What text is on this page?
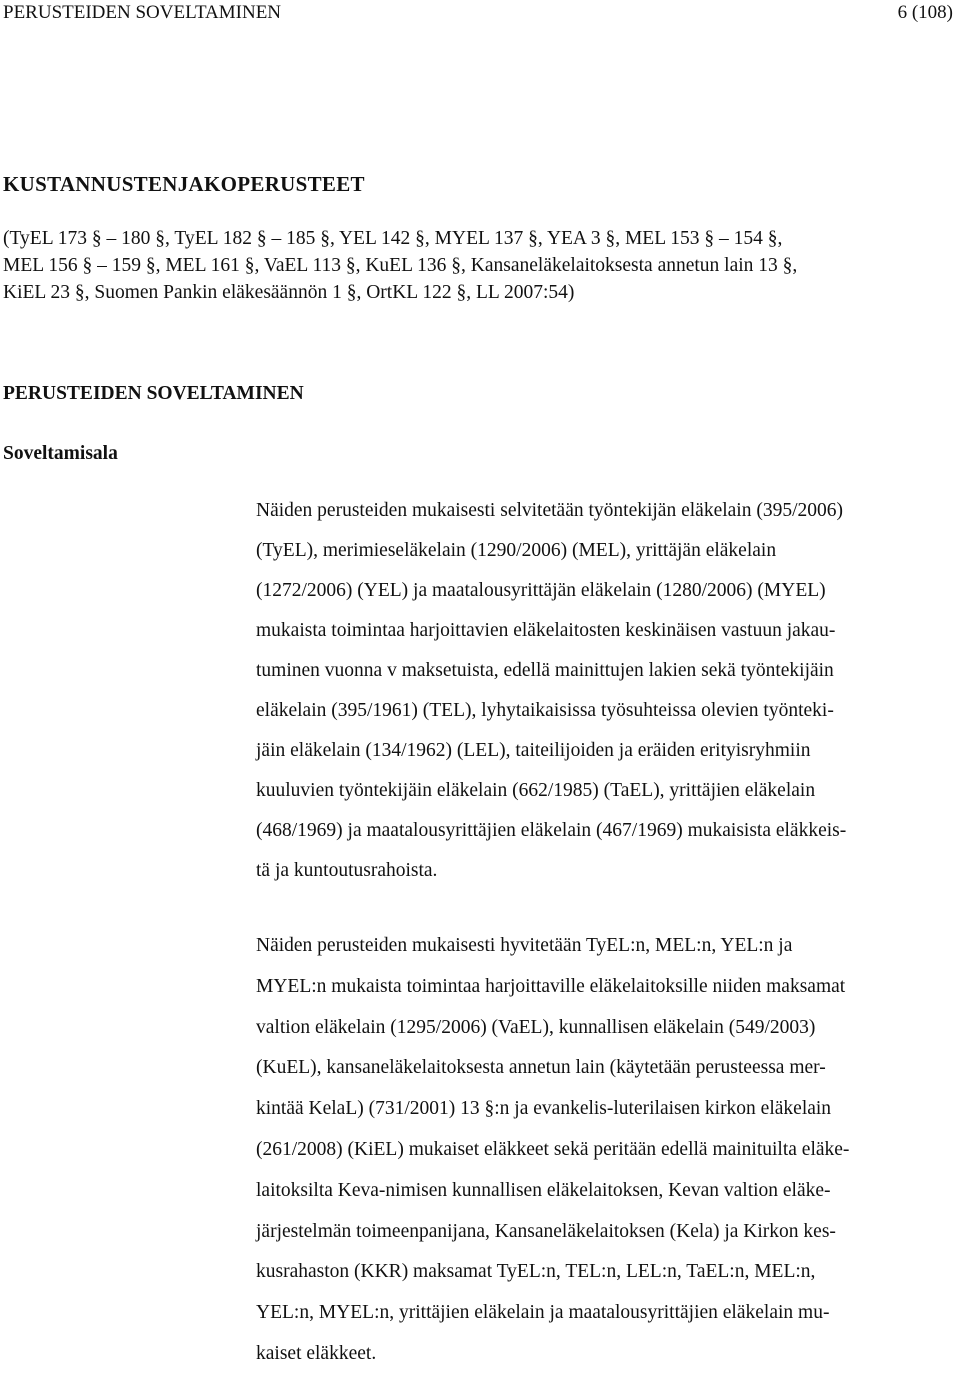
PERUSTEIDEN SOVELTAMINEN	6 (108)
KUSTANNUSTENJAKOPERUSTEET

(TyEL 173 § – 180 §, TyEL 182 § – 185 §, YEL 142 §, MYEL 137 §, YEA 3 §, MEL 153 § – 154 §,
MEL 156 § – 159 §, MEL 161 §, VaEL 113 §, KuEL 136 §, Kansaneläkelaitoksesta annetun lain 13 §,
KiEL 23 §, Suomen Pankin eläkesäännön 1 §, OrtKL 122 §, LL 2007:54)

PERUSTEIDEN SOVELTAMINEN
Soveltamisala

Näiden perusteiden mukaisesti selvitetään työntekijän eläkelain (395/2006)
(TyEL), merimieseläkelain (1290/2006) (MEL), yrittäjän eläkelain
(1272/2006) (YEL) ja maatalousyrittäjän eläkelain (1280/2006) (MYEL)
mukaista toimintaa harjoittavien eläkelaitosten keskinäisen vastuun jakau-
tuminen vuonna v maksetuista, edellä mainittujen lakien sekä työntekijäin
eläkelain (395/1961) (TEL), lyhytaikaisissa työsuhteissa olevien työnteki-
jäin eläkelain (134/1962) (LEL), taiteilijoiden ja eräiden erityisryhmiin
kuuluvien työntekijäin eläkelain (662/1985) (TaEL), yrittäjien eläkelain
(468/1969) ja maatalousyrittäjien eläkelain (467/1969) mukaisista eläkkeis-
tä ja kuntoutusrahoista.

Näiden perusteiden mukaisesti hyvitetään TyEL:n, MEL:n, YEL:n ja
MYEL:n mukaista toimintaa harjoittaville eläkelaitoksille niiden maksamat
valtion eläkelain (1295/2006) (VaEL), kunnallisen eläkelain (549/2003)
(KuEL), kansaneläkelaitoksesta annetun lain (käytetään perusteessa mer-
kintää KelaL) (731/2001) 13 §:n ja evankelis-luterilaisen kirkon eläkelain
(261/2008) (KiEL) mukaiset eläkkeet sekä peritään edellä mainituilta eläke-
laitoksilta Keva-nimisen kunnallisen eläkelaitoksen, Kevan valtion eläke-
järjestelmän toimeenpanijana, Kansaneläkelaitoksen (Kela) ja Kirkon kes-
kusrahaston (KKR) maksamat TyEL:n, TEL:n, LEL:n, TaEL:n, MEL:n,
YEL:n, MYEL:n, yrittäjien eläkelain ja maatalousyrittäjien eläkelain mu-
kaiset eläkkeet.
